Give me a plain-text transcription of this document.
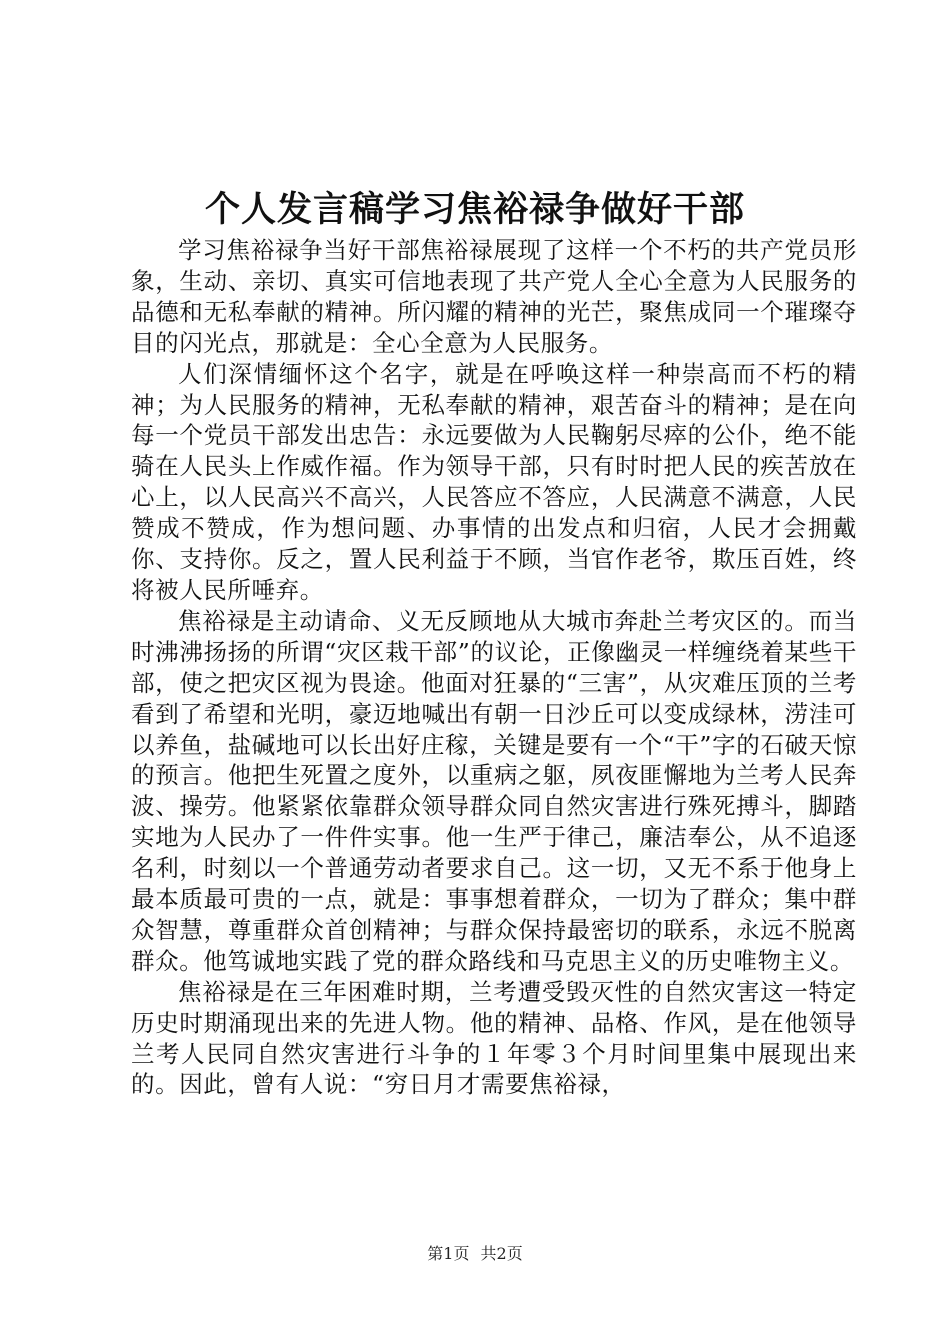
个人发言稿学习焦裕禄争做好干部

学习焦裕禄争当好干部焦裕禄展现了这样一个不朽的共产党员形象，生动、亲切、真实可信地表现了共产党人全心全意为人民服务的品德和无私奉献的精神。所闪耀的精神的光芒，聚焦成同一个璀璨夺目的闪光点，那就是：全心全意为人民服务。

人们深情缅怀这个名字，就是在呼唤这样一种崇高而不朽的精神；为人民服务的精神，无私奉献的精神，艰苦奋斗的精神；是在向每一个党员干部发出忠告：永远要做为人民鞠躬尽瘁的公仆，绝不能骑在人民头上作威作福。作为领导干部，只有时时把人民的疾苦放在心上，以人民高兴不高兴，人民答应不答应，人民满意不满意，人民赞成不赞成，作为想问题、办事情的出发点和归宿，人民才会拥戴你、支持你。反之，置人民利益于不顾，当官作老爷，欺压百姓，终将被人民所唾弃。

焦裕禄是主动请命、义无反顾地从大城市奔赴兰考灾区的。而当时沸沸扬扬的所谓“灾区栽干部”的议论，正像幽灵一样缠绕着某些干部，使之把灾区视为畏途。他面对狂暴的“三害”，从灾难压顶的兰考看到了希望和光明，豪迈地喊出有朝一日沙丘可以变成绿林，涝洼可以养鱼，盐碱地可以长出好庄稼，关键是要有一个“干”字的石破天惊的预言。他把生死置之度外，以重病之躯，夙夜匪懈地为兰考人民奔波、操劳。他紧紧依靠群众领导群众同自然灾害进行殊死搏斗，脚踏实地为人民办了一件件实事。他一生严于律己，廉洁奉公，从不追逐名利，时刻以一个普通劳动者要求自己。这一切，又无不系于他身上最本质最可贵的一点，就是：事事想着群众，一切为了群众；集中群众智慧，尊重群众首创精神；与群众保持最密切的联系，永远不脱离群众。他笃诚地实践了党的群众路线和马克思主义的历史唯物主义。

焦裕禄是在三年困难时期，兰考遭受毁灭性的自然灾害这一特定历史时期涌现出来的先进人物。他的精神、品格、作风，是在他领导兰考人民同自然灾害进行斗争的１年零３个月时间里集中展现出来的。因此，曾有人说：“穷日月才需要焦裕禄，

第1页 共2页
